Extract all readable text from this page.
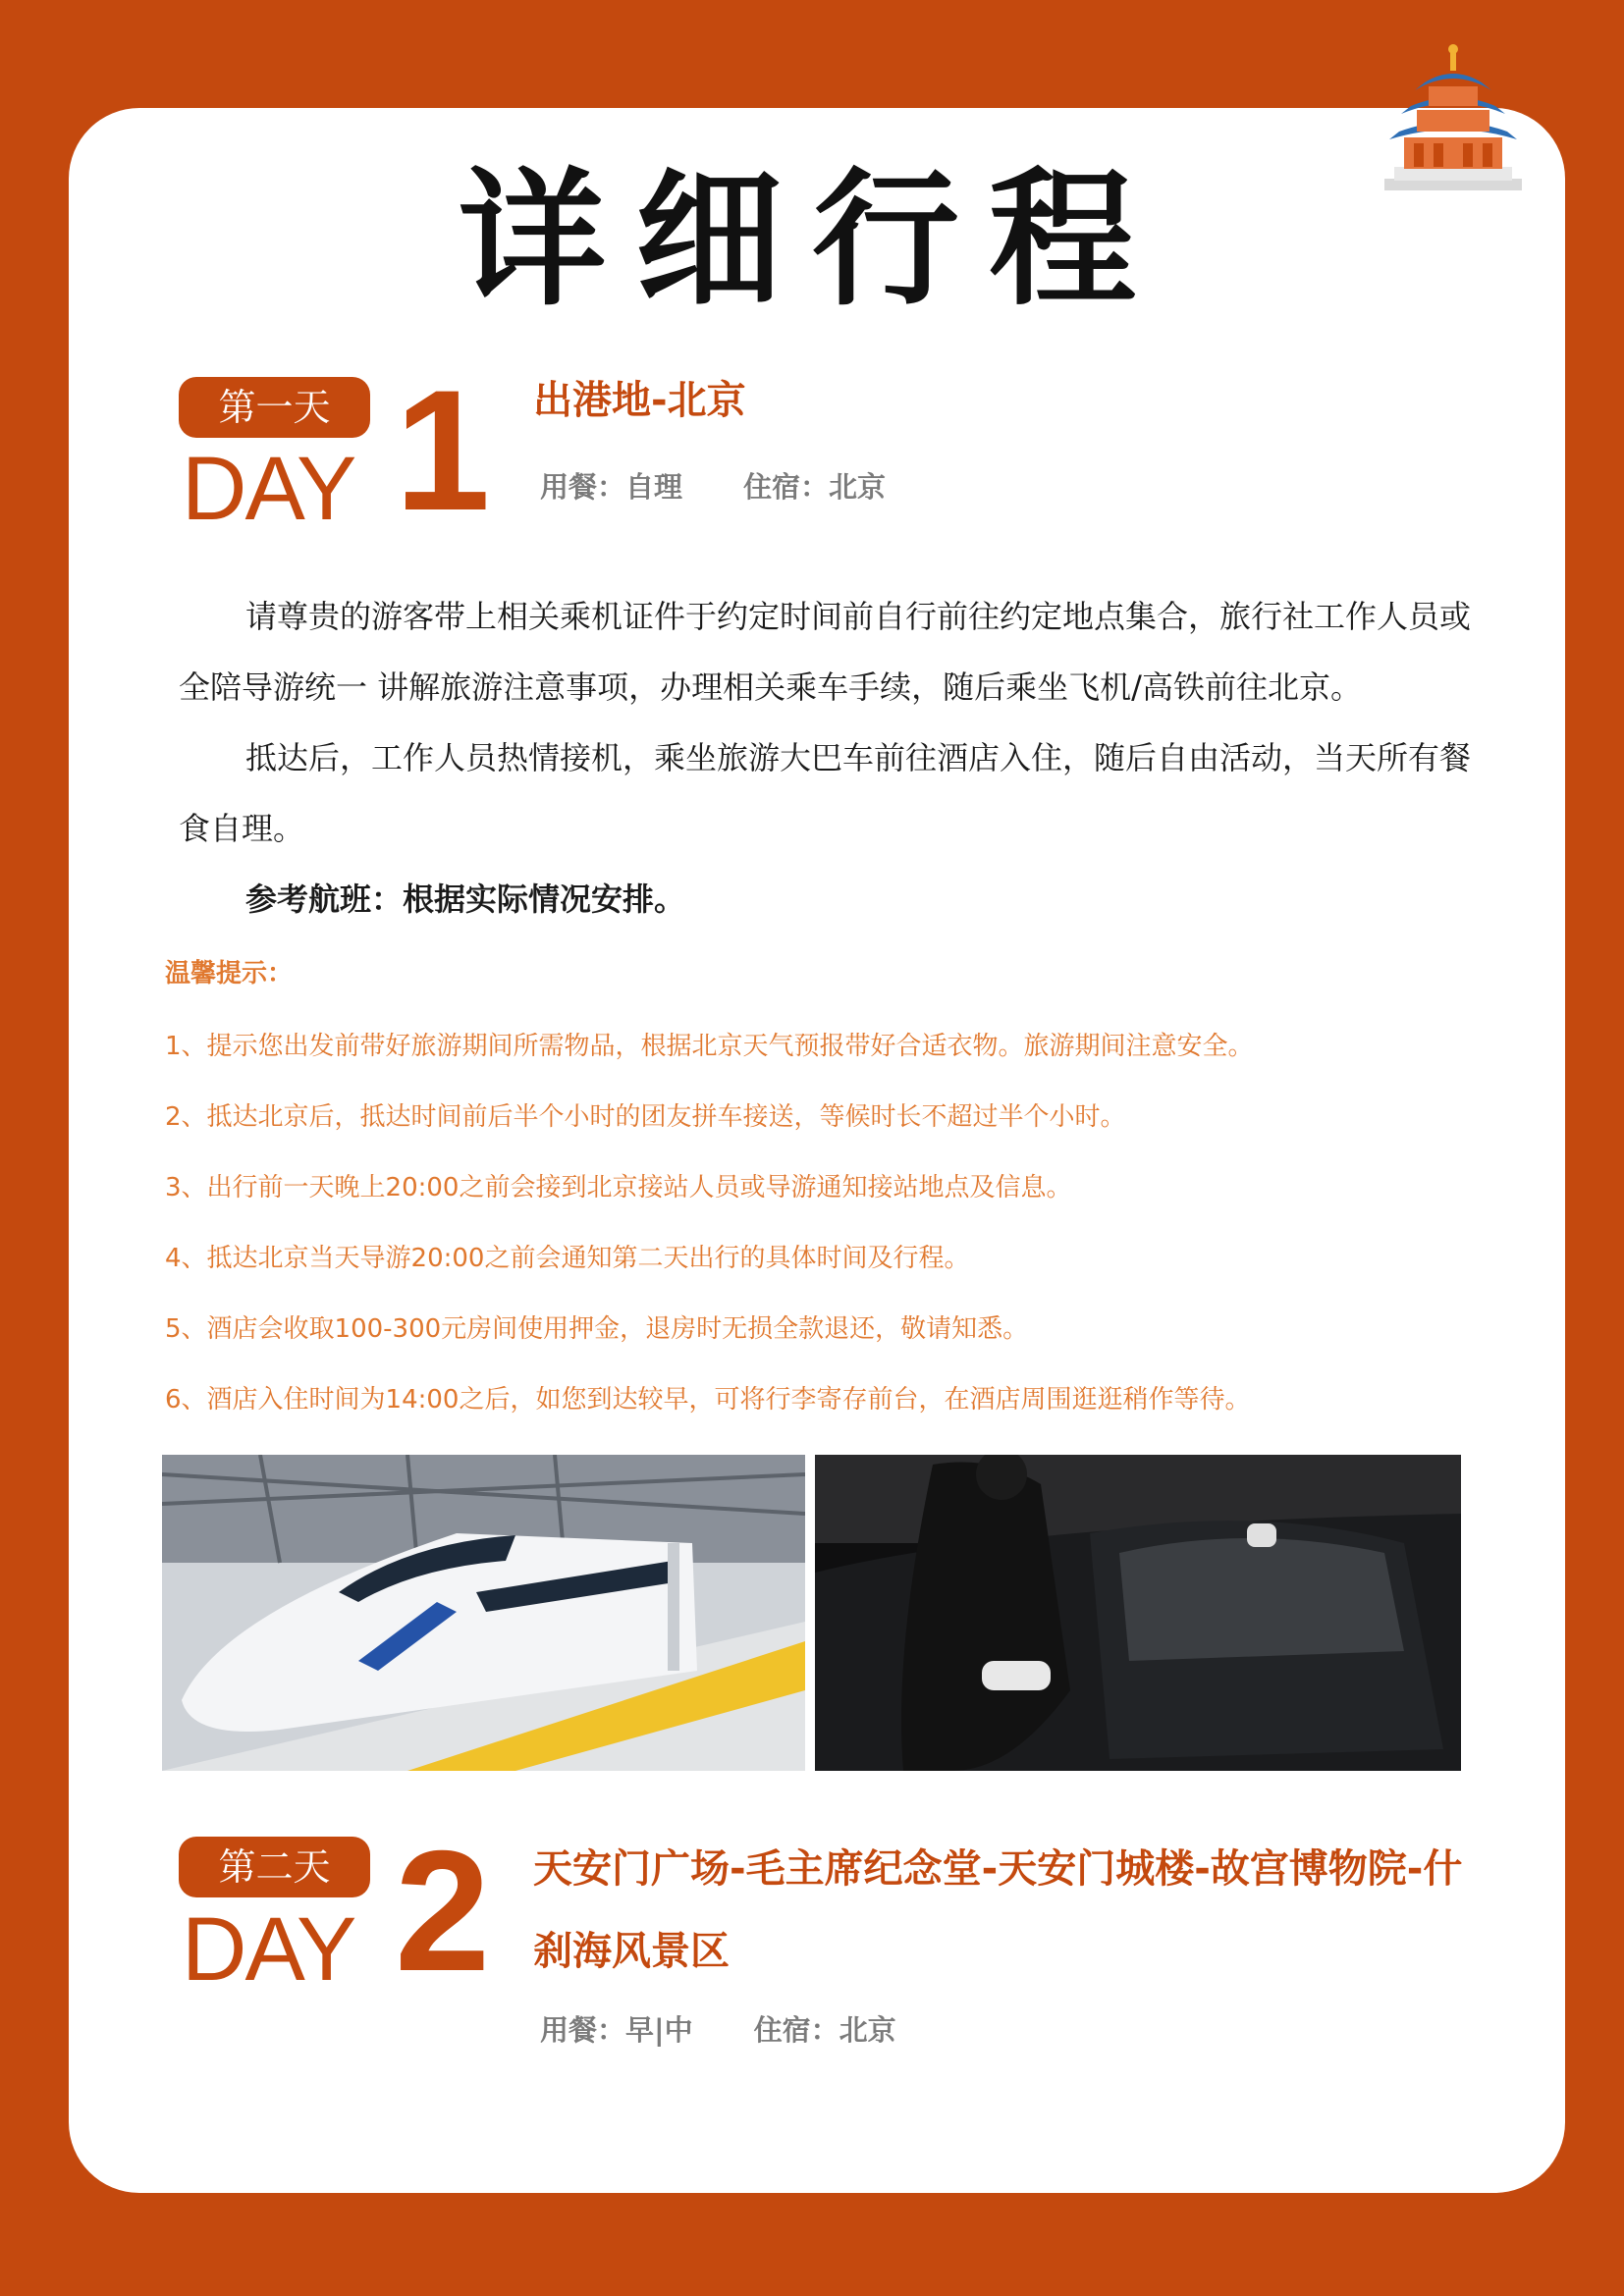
详细行程
第一天
DAY 1 出港地-北京
用餐：自理 住宿：北京

请尊贵的游客带上相关乘机证件于约定时间前自行前往约定地点集合，旅行社工作人员或全陪导游统一 讲解旅游注意事项，办理相关乘车手续，随后乘坐飞机/高铁前往北京。

抵达后，工作人员热情接机，乘坐旅游大巴车前往酒店入住，随后自由活动，当天所有餐食自理。

参考航班：根据实际情况安排。

温馨提示：
1、提示您出发前带好旅游期间所需物品，根据北京天气预报带好合适衣物。旅游期间注意安全。
2、抵达北京后，抵达时间前后半个小时的团友拼车接送，等候时长不超过半个小时。
3、出行前一天晚上20:00之前会接到北京接站人员或导游通知接站地点及信息。
4、抵达北京当天导游20:00之前会通知第二天出行的具体时间及行程。
5、酒店会收取100-300元房间使用押金，退房时无损全款退还，敬请知悉。
6、酒店入住时间为14:00之后，如您到达较早，可将行李寄存前台，在酒店周围逛逛稍作等待。
第二天
DAY 2 天安门广场-毛主席纪念堂-天安门城楼-故宫博物院-什刹海风景区
用餐：早|中 住宿：北京
